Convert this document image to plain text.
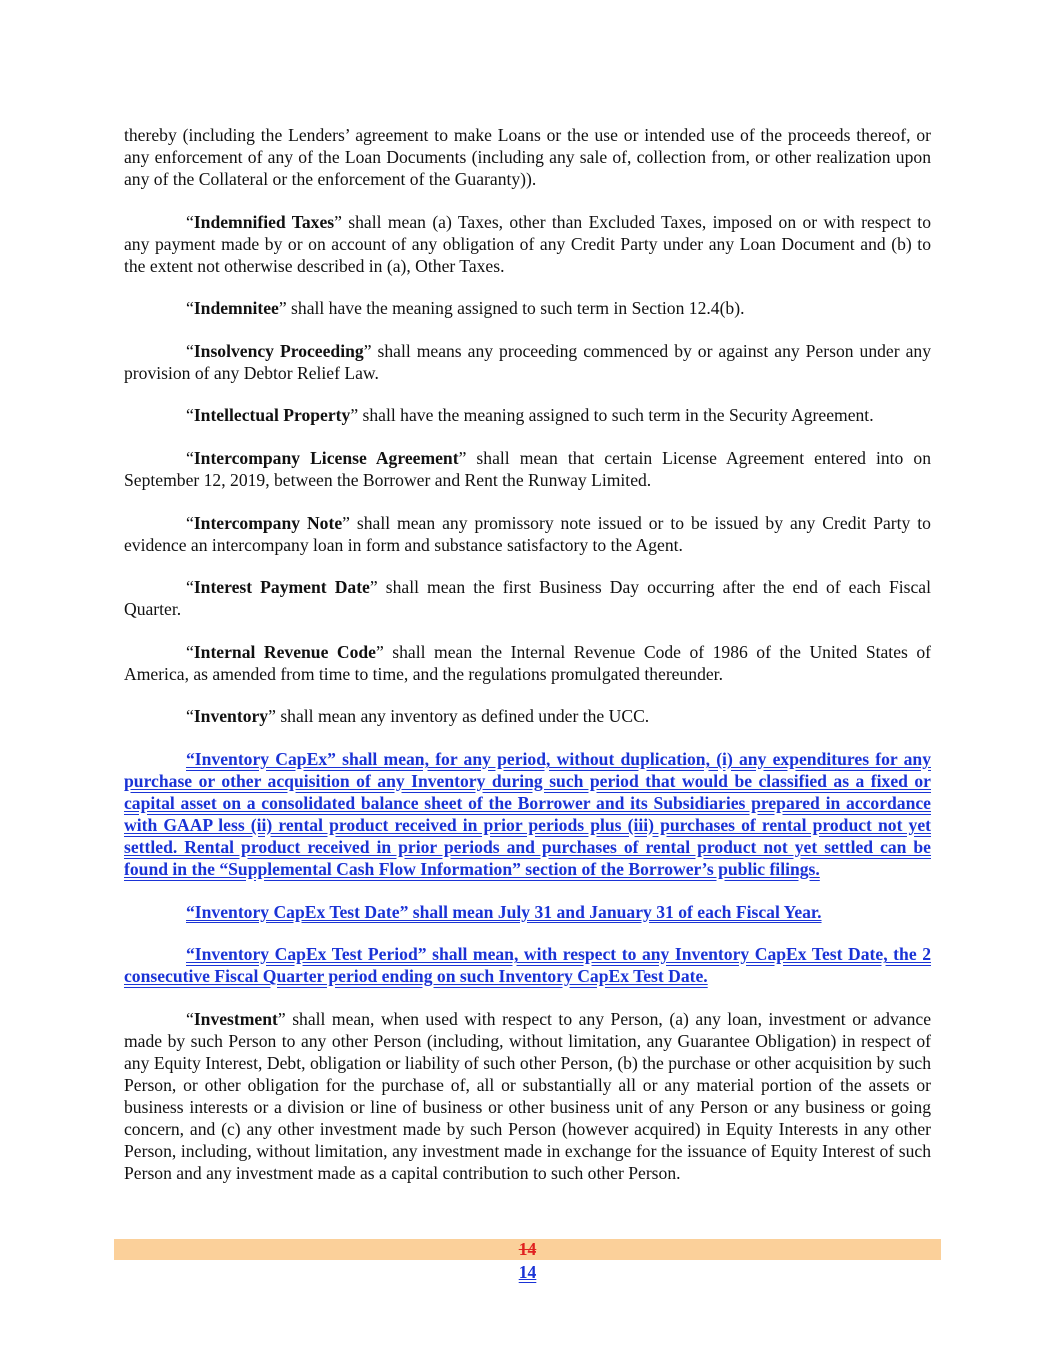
thereby (including the Lenders’ agreement to make Loans or the use or intended use of the proceeds thereof, or any enforcement of any of the Loan Documents (including any sale of, collection from, or other realization upon any of the Collateral or the enforcement of the Guaranty)).

“Indemnified Taxes” shall mean (a) Taxes, other than Excluded Taxes, imposed on or with respect to any payment made by or on account of any obligation of any Credit Party under any Loan Document and (b) to the extent not otherwise described in (a), Other Taxes.

“Indemnitee” shall have the meaning assigned to such term in Section 12.4(b).

“Insolvency Proceeding” shall means any proceeding commenced by or against any Person under any provision of any Debtor Relief Law.

“Intellectual Property” shall have the meaning assigned to such term in the Security Agreement.

“Intercompany License Agreement” shall mean that certain License Agreement entered into on September 12, 2019, between the Borrower and Rent the Runway Limited.

“Intercompany Note” shall mean any promissory note issued or to be issued by any Credit Party to evidence an intercompany loan in form and substance satisfactory to the Agent.

“Interest Payment Date” shall mean the first Business Day occurring after the end of each Fiscal Quarter.

“Internal Revenue Code” shall mean the Internal Revenue Code of 1986 of the United States of America, as amended from time to time, and the regulations promulgated thereunder.

“Inventory” shall mean any inventory as defined under the UCC.

“Inventory CapEx” shall mean, for any period, without duplication, (i) any expenditures for any purchase or other acquisition of any Inventory during such period that would be classified as a fixed or capital asset on a consolidated balance sheet of the Borrower and its Subsidiaries prepared in accordance with GAAP less (ii) rental product received in prior periods plus (iii) purchases of rental product not yet settled. Rental product received in prior periods and purchases of rental product not yet settled can be found in the “Supplemental Cash Flow Information” section of the Borrower’s public filings.

“Inventory CapEx Test Date” shall mean July 31 and January 31 of each Fiscal Year.

“Inventory CapEx Test Period” shall mean, with respect to any Inventory CapEx Test Date, the 2 consecutive Fiscal Quarter period ending on such Inventory CapEx Test Date.

“Investment” shall mean, when used with respect to any Person, (a) any loan, investment or advance made by such Person to any other Person (including, without limitation, any Guarantee Obligation) in respect of any Equity Interest, Debt, obligation or liability of such other Person, (b) the purchase or other acquisition by such Person, or other obligation for the purchase of, all or substantially all or any material portion of the assets or business interests or a division or line of business or other business unit of any Person or any business or going concern, and (c) any other investment made by such Person (however acquired) in Equity Interests in any other Person, including, without limitation, any investment made in exchange for the issuance of Equity Interest of such Person and any investment made as a capital contribution to such other Person.

14
14
